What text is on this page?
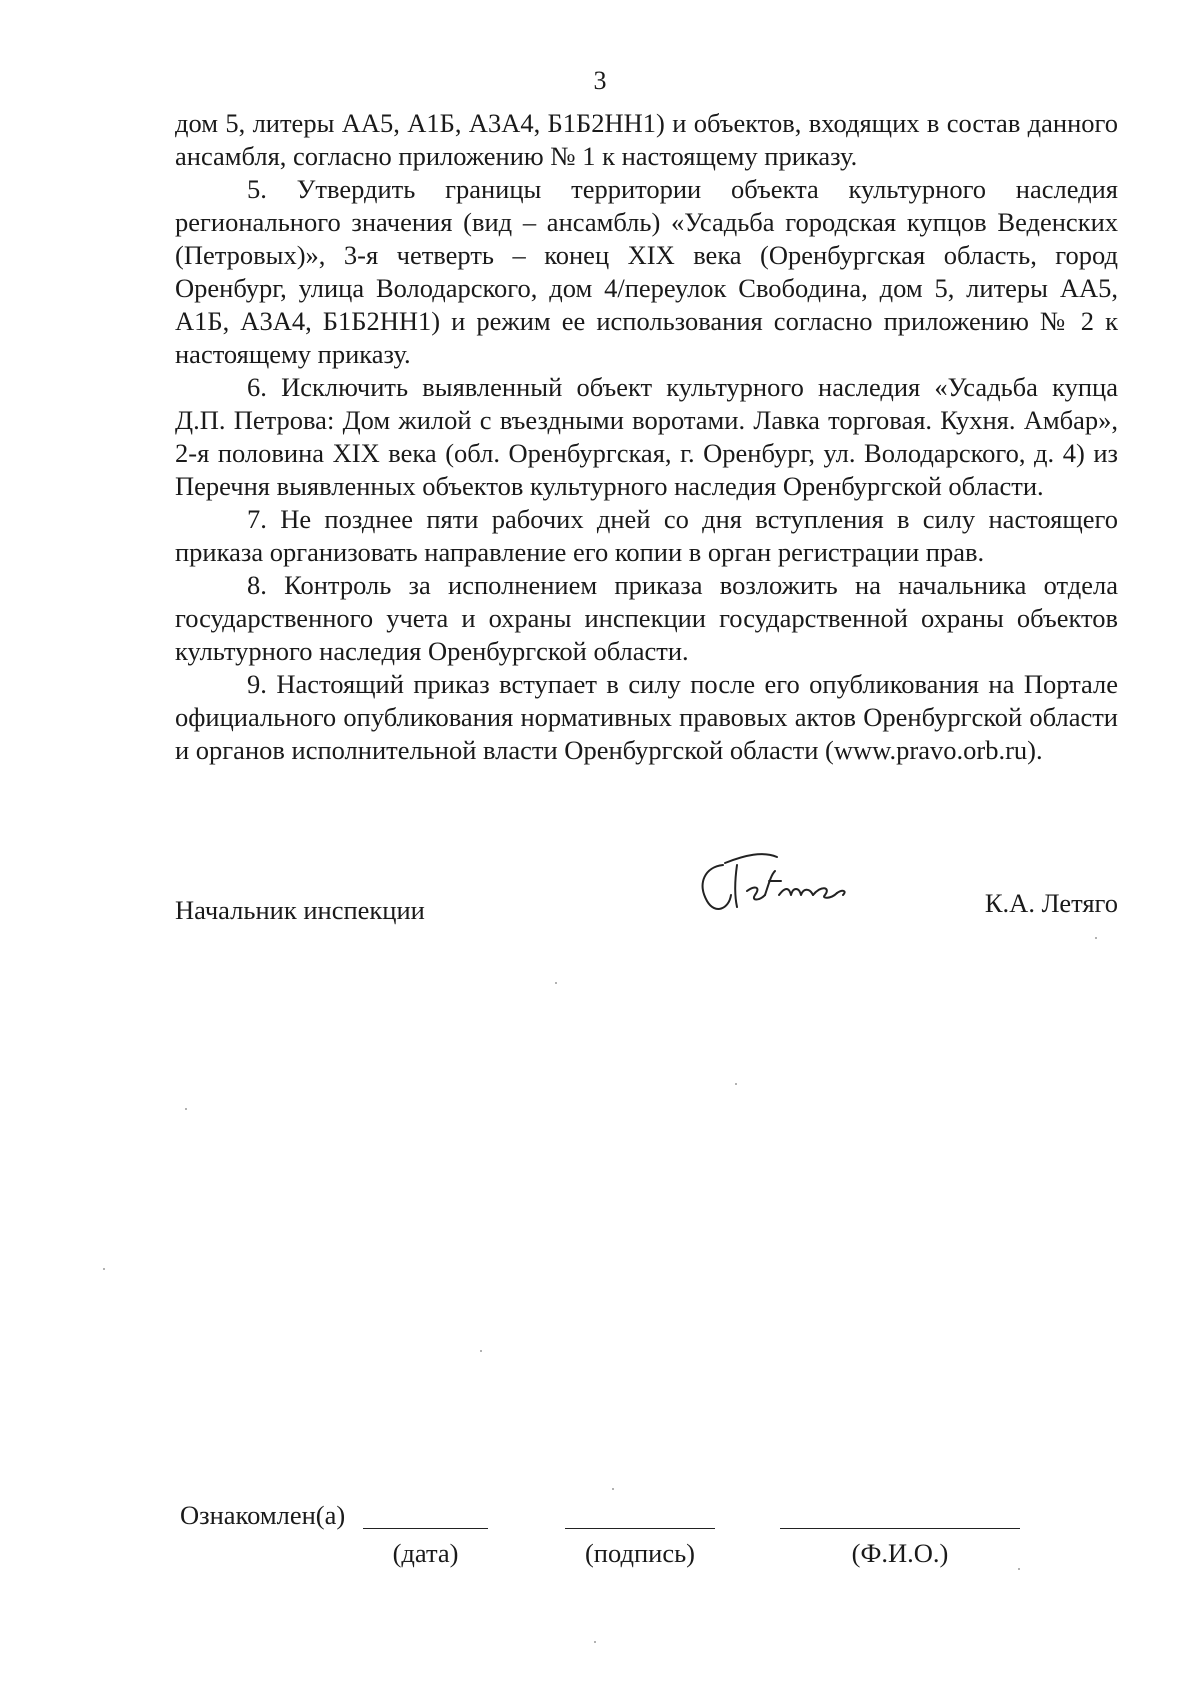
3

дом 5, литеры АА5, А1Б, А3А4, Б1Б2НН1) и объектов, входящих в состав данного ансамбля, согласно приложению № 1 к настоящему приказу.

5. Утвердить границы территории объекта культурного наследия регионального значения (вид – ансамбль) «Усадьба городская купцов Веденских (Петровых)», 3-я четверть – конец XIX века (Оренбургская область, город Оренбург, улица Володарского, дом 4/переулок Свободина, дом 5, литеры АА5, А1Б, А3А4, Б1Б2НН1) и режим ее использования согласно приложению № 2 к настоящему приказу.

6. Исключить выявленный объект культурного наследия «Усадьба купца Д.П. Петрова: Дом жилой с въездными воротами. Лавка торговая. Кухня. Амбар», 2-я половина XIX века (обл. Оренбургская, г. Оренбург, ул. Володарского, д. 4) из Перечня выявленных объектов культурного наследия Оренбургской области.

7. Не позднее пяти рабочих дней со дня вступления в силу настоящего приказа организовать направление его копии в орган регистрации прав.

8. Контроль за исполнением приказа возложить на начальника отдела государственного учета и охраны инспекции государственной охраны объектов культурного наследия Оренбургской области.

9. Настоящий приказ вступает в силу после его опубликования на Портале официального опубликования нормативных правовых актов Оренбургской области и органов исполнительной власти Оренбургской области (www.pravo.orb.ru).

Начальник инспекции	К.А. Летяго
Ознакомлен(а)
(дата)	(подпись)	(Ф.И.О.)
